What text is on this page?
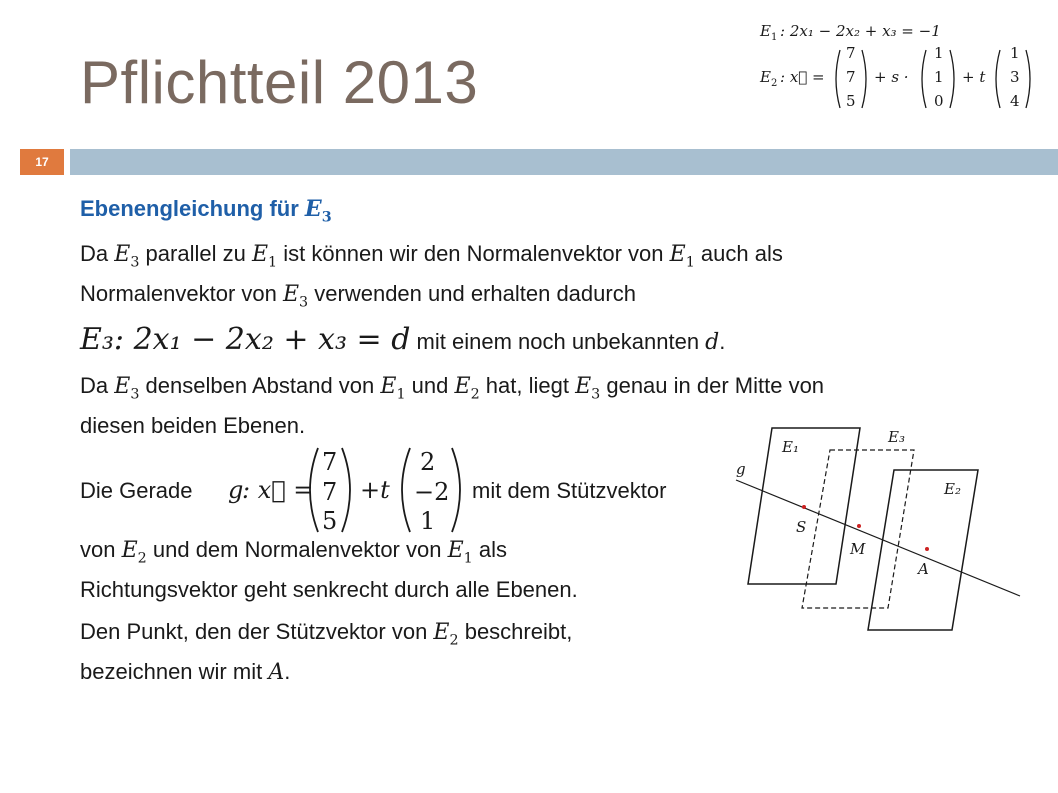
Pflichtteil 2013
E 1 : 2x₁ − 2x₂ + x₃ = −1
E 2 : x⃗ =
7
7
5
+ s ·
1
1
0
+ t
1
3
4
17
Ebenengleichung für $E_3$
Da $E_3$ parallel zu $E_1$ ist können wir den Normalenvektor von $E_1$ auch als
Normalenvektor von $E_3$ verwenden und erhalten dadurch
E₃: 2x₁ − 2x₂ + x₃ = d mit einem noch unbekannten d.
Da $E_3$ denselben Abstand von $E_1$ und $E_2$ hat, liegt $E_3$ genau in der Mitte von
diesen beiden Ebenen.
Die Gerade g
: x⃗ =
7
7
5
+t
2
−2
1
mit dem Stützvektor
von $E_2$ und dem Normalenvektor von $E_1$ als
Richtungsvektor geht senkrecht durch alle Ebenen.
Den Punkt, den der Stützvektor von $E_2$ beschreibt,
bezeichnen wir mit A.
E₁
E₃
E₂
g
S
M
A
